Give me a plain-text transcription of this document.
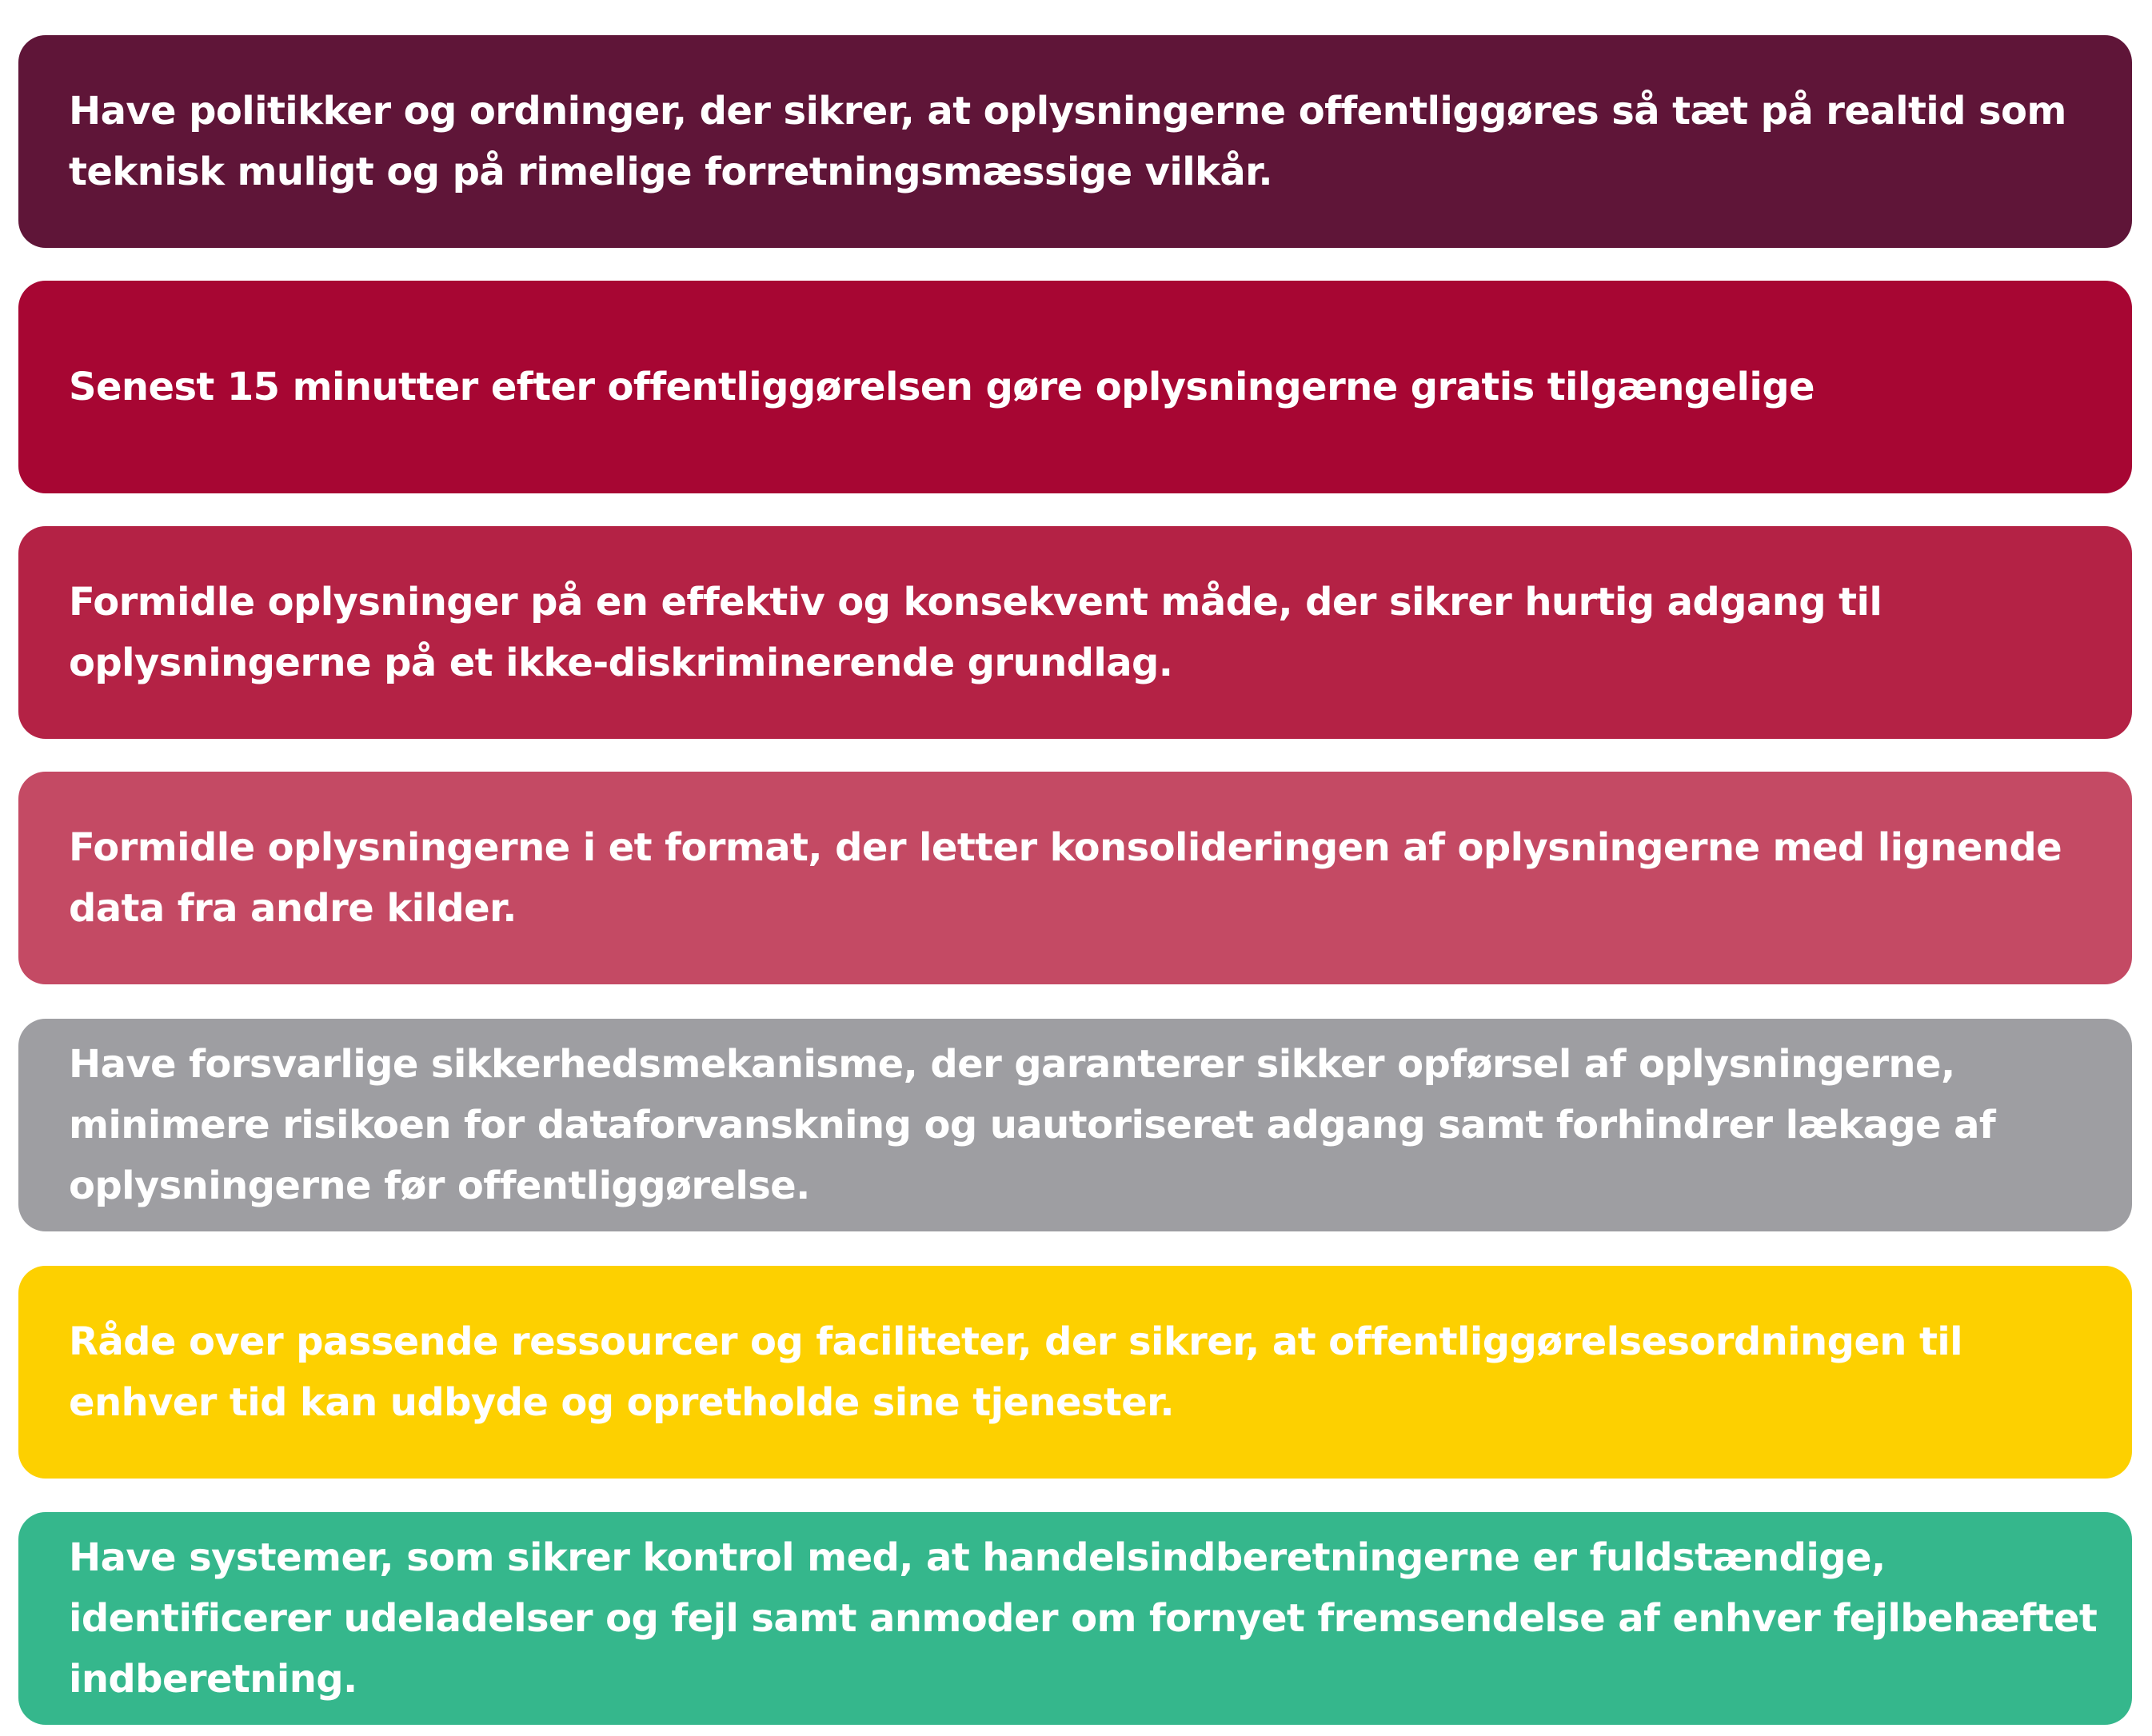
Have politikker og ordninger, der sikrer, at oplysningerne offentliggøres så tæt på realtid som teknisk muligt og på rimelige forretningsmæssige vilkår.

Senest 15 minutter efter offentliggørelsen gøre oplysningerne gratis tilgængelige

Formidle oplysninger på en effektiv og konsekvent måde, der sikrer hurtig adgang til oplysningerne på et ikke-diskriminerende grundlag.

Formidle oplysningerne i et format, der letter konsolideringen af oplysningerne med lignende data fra andre kilder.

Have forsvarlige sikkerhedsmekanisme, der garanterer sikker opførsel af oplysningerne, minimere risikoen for dataforvanskning og uautoriseret adgang samt forhindrer lækage af oplysningerne før offentliggørelse.

Råde over passende ressourcer og faciliteter, der sikrer, at offentliggørelsesordningen til enhver tid kan udbyde og opretholde sine tjenester.

Have systemer, som sikrer kontrol med, at handelsindberetningerne er fuldstændige, identificerer udeladelser og fejl samt anmoder om fornyet fremsendelse af enhver fejlbehæftet indberetning.
